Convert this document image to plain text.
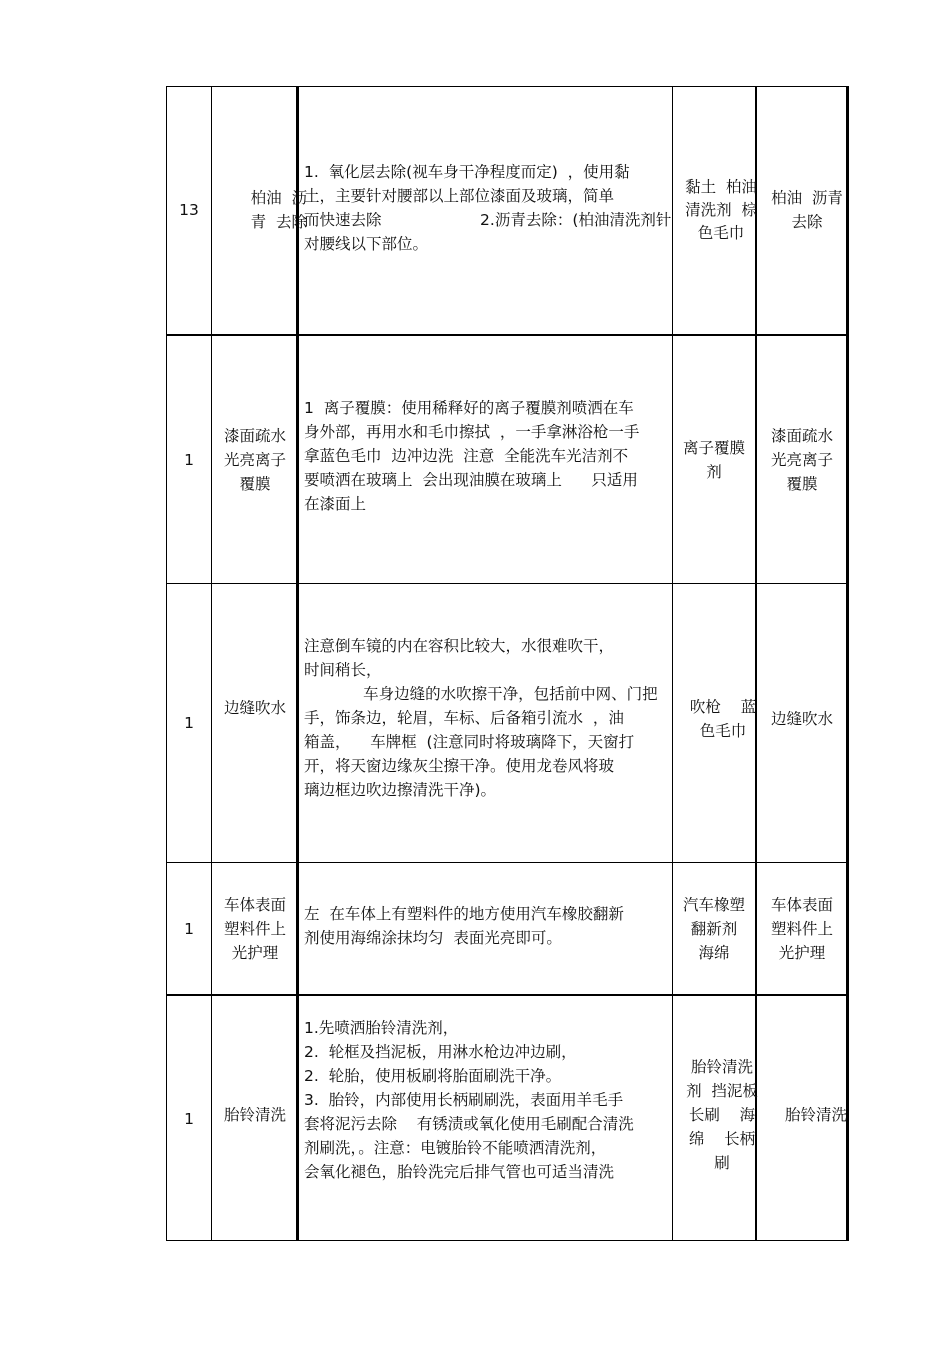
13
柏油  沥
青  去除
1.  氧化层去除(视车身干净程度而定)  ，使用黏
土，主要针对腰部以上部位漆面及玻璃，简单
而快速去除                    2.沥青去除：(柏油清洗剂针
对腰线以下部位。
黏土  柏油
清洗剂  棕
色毛巾
柏油  沥青
去除
1
漆面疏水
光亮离子
覆膜
1  离子覆膜：使用稀释好的离子覆膜剂喷洒在车
身外部，再用水和毛巾擦拭  ，一手拿淋浴枪一手
拿蓝色毛巾  边冲边洗  注意  全能洗车光洁剂不
要喷洒在玻璃上  会出现油膜在玻璃上      只适用
在漆面上
离子覆膜
剂
漆面疏水
光亮离子
覆膜
1
边缝吹水
注意倒车镜的内在容积比较大，水很难吹干，
时间稍长，
车身边缝的水吹擦干净，包括前中网、门把
手，饰条边，轮眉，车标、后备箱引流水  ，油
箱盖，    车牌框  (注意同时将玻璃降下，天窗打
开，将天窗边缘灰尘擦干净。使用龙卷风将玻
璃边框边吹边擦清洗干净)。
吹枪    蓝
色毛巾
边缝吹水
1
车体表面
塑料件上
光护理
左  在车体上有塑料件的地方使用汽车橡胶翻新
剂使用海绵涂抹均匀  表面光亮即可。
汽车橡塑
翻新剂
海绵
车体表面
塑料件上
光护理
1	胎铃清洗
1.先喷洒胎铃清洗剂，
2.  轮框及挡泥板，用淋水枪边冲边刷，
2.  轮胎，使用板刷将胎面刷洗干净。
3.  胎铃，内部使用长柄刷刷洗，表面用羊毛手
套将泥污去除    有锈渍或氧化使用毛刷配合清洗
剂刷洗，。注意：电镀胎铃不能喷洒清洗剂，
会氧化褪色，胎铃洗完后排气管也可适当清洗
胎铃清洗
剂  挡泥板
长刷    海
绵    长柄
刷
胎铃清洗
